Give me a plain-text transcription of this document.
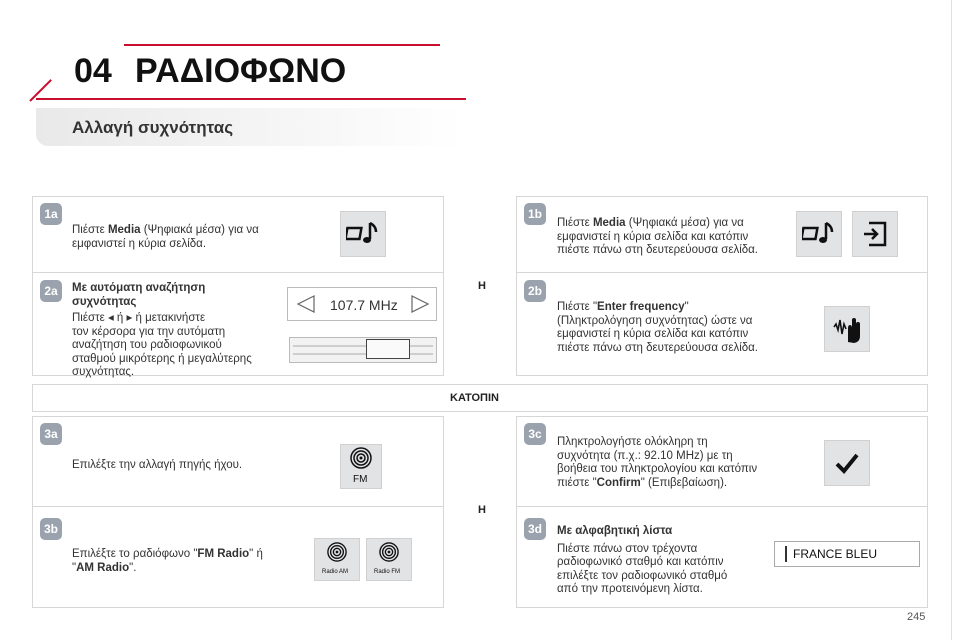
04 ΡΑΔΙΟΦΩΝΟ
Αλλαγή συχνότητας
1a	1b
2a	2b
Πιέστε Media (Ψηφιακά μέσα) για να
εμφανιστεί η κύρια σελίδα.
Πιέστε Media (Ψηφιακά μέσα) για να
εμφανιστεί η κύρια σελίδα και κατόπιν
πιέστε πάνω στη δευτερεύουσα σελίδα.
Με αυτόματη αναζήτηση
συχνότητας

Πιέστε ◂ ή ▸ ή μετακινήστε
τον κέρσορα για την αυτόματη
αναζήτηση του ραδιοφωνικού
σταθμού μικρότερης ή μεγαλύτερης
συχνότητας.
107.7 MHz	Πιέστε "Enter frequency"
(Πληκτρολόγηση συχνότητας) ώστε να
εμφανιστεί η κύρια σελίδα και κατόπιν
πιέστε πάνω στη δευτερεύουσα σελίδα.
Η
ΚΑΤΟΠΙΝ
3a	3c
3b	3d
Επιλέξτε την αλλαγή πηγής ήχου.
FM
Επιλέξτε το ραδιόφωνο "FM Radio" ή
"AM Radio".	Radio AM	Radio FM
Η
Πληκτρολογήστε ολόκληρη τη
συχνότητα (π.χ.: 92.10 MHz) με τη
βοήθεια του πληκτρολογίου και κατόπιν
πιέστε "Confirm" (Επιβεβαίωση).
Με αλφαβητική λίστα

Πιέστε πάνω στον τρέχοντα
ραδιοφωνικό σταθμό και κατόπιν
επιλέξτε τον ραδιοφωνικό σταθμό
από την προτεινόμενη λίστα.
FRANCE BLEU
245
